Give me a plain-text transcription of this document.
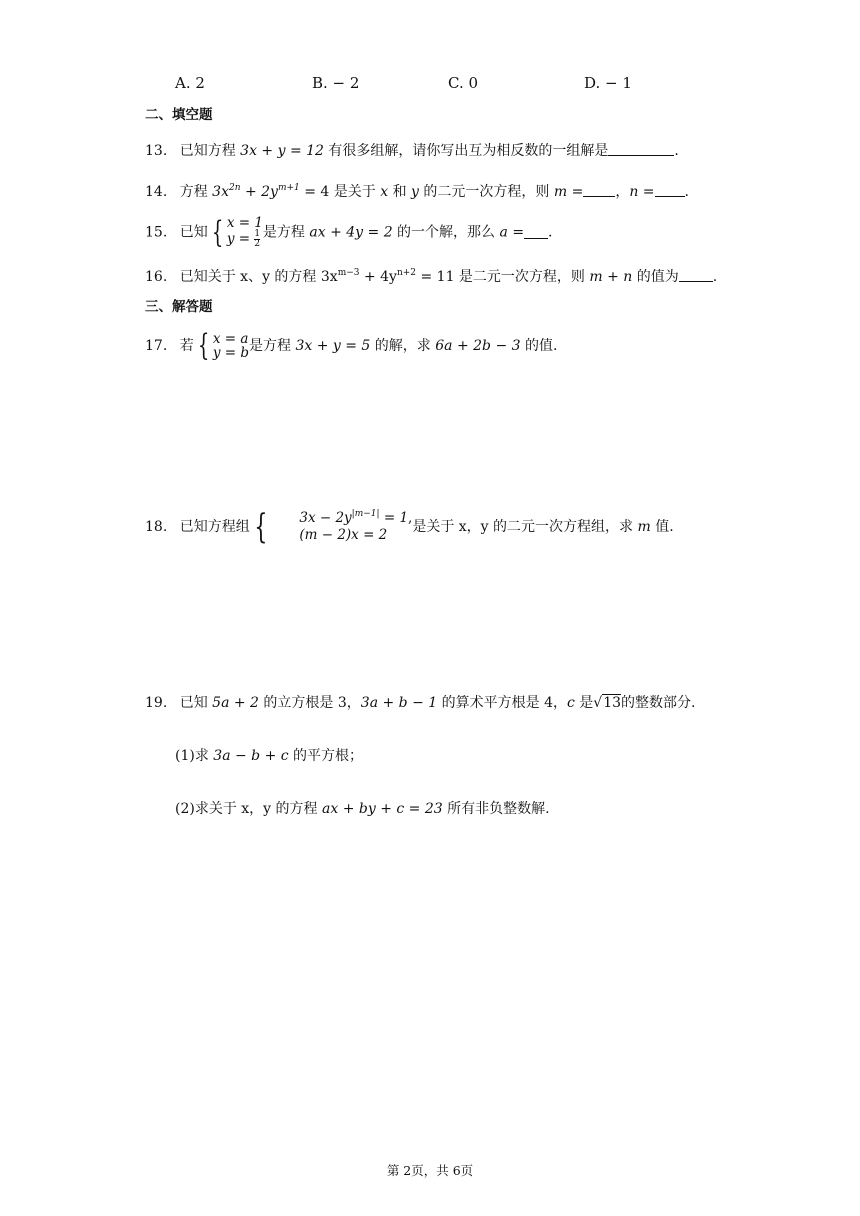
A. 2	B. − 2	C. 0	D. − 1
二、填空题
13. 已知方程 3x + y = 12 有很多组解，请你写出互为相反数的一组解是	.
14. 方程 $3x^{2n} + 2y^{m+1} = 4$ 是关于 x 和 y 的二元一次方程，则 m = ，n = .
15. 已知 { x = 1
$y = \frac{1}{2}$ 是方程 ax + 4y = 2 的一个解，那么 a = .
16. 已知关于 x、y 的方程 $3x^{m-3} + 4y^{n+2} = 11$ 是二元一次方程，则 m + n 的值为 .
三、解答题
17. 若 { x = a
y = b是方程 3x + y = 5 的解，求 6a + 2b − 3 的值.
18. 已知方程组 { $3x - 2y^{|m-1|} = 1$,
(m − 2)x = 2 是关于 x，y 的二元一次方程组，求 m 值.
19. 已知 5a + 2 的立方根是 3，3a + b − 1 的算术平方根是 4，c 是√13的整数部分.
(1)求 3a − b + c 的平方根；
(2)求关于 x，y 的方程 ax + by + c = 23 所有非负整数解.
第 2页，共 6页
